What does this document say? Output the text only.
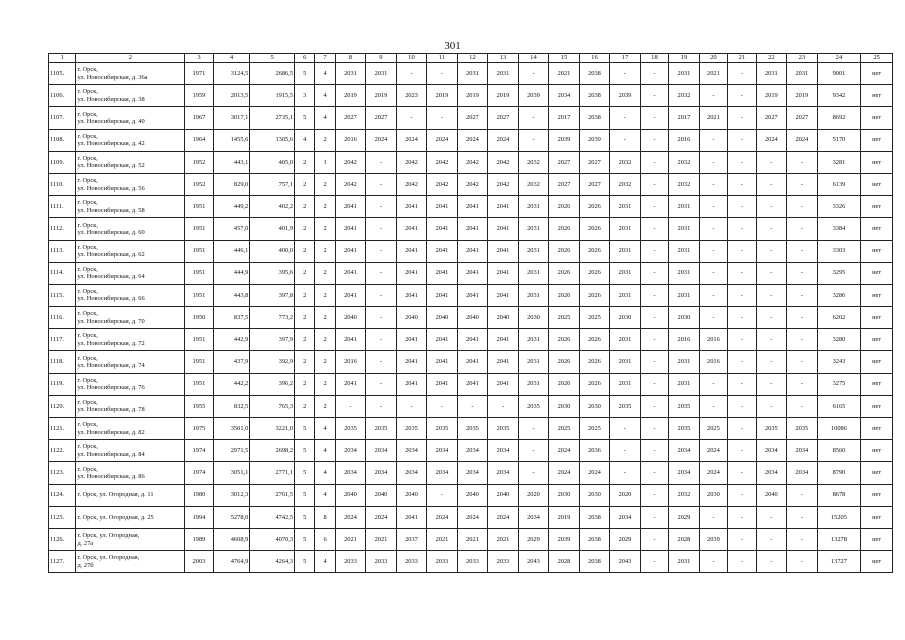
301
1	2	3	4	5	6	7	8	9	10	11	12	13	14	15	16	17	18	19	20	21	22	23	24	25
1105.	г. Орск,
ул. Новосибирская, д. 36а	1971	3124,5	2686,5	5	4	2031	2031	-	-	2031	2031	-	2021	2038	-	-	2031	2021	-	2031	2031	9001	нет
1106.	г. Орск,
ул. Новосибирская, д. 38	1959	2013,5	1915,5	3	4	2019	2019	2023	2019	2019	2019	2039	2034	2038	2039	-	2032	-	-	2019	2019	9342	нет
1107.	г. Орск,
ул. Новосибирская, д. 40	1967	3017,1	2735,1	5	4	2027	2027	-	-	2027	2027	-	2017	2038	-	-	2017	2021	-	2027	2027	8692	нет
1108.	г. Орск,
ул. Новосибирская, д. 42	1964	1455,6	1305,6	4	2	2016	2024	2024	2024	2024	2024	-	2039	2039	-	-	2016	-	-	2024	2024	5170	нет
1109.	г. Орск,
ул. Новосибирская, д. 52	1952	443,1	405,0	2	1	2042	-	2042	2042	2042	2042	2032	2027	2027	2032	-	2032	-	-	-	-	3281	нет
1110.	г. Орск,
ул. Новосибирская, д. 56	1952	829,0	757,1	2	2	2042	-	2042	2042	2042	2042	2032	2027	2027	2032	-	2032	-	-	-	-	6139	нет
1111.	г. Орск,
ул. Новосибирская, д. 58	1951	449,2	402,2	2	2	2041	-	2041	2041	2041	2041	2031	2026	2026	2031	-	2031	-	-	-	-	3326	нет
1112.	г. Орск,
ул. Новосибирская, д. 60	1951	457,0	401,9	2	2	2041	-	2041	2041	2041	2041	2031	2026	2026	2031	-	2031	-	-	-	-	3384	нет
1113.	г. Орск,
ул. Новосибирская, д. 62	1951	446,1	400,0	2	2	2041	-	2041	2041	2041	2041	2031	2026	2026	2031	-	2031	-	-	-	-	3303	нет
1114.	г. Орск,
ул. Новосибирская, д. 64	1951	444,9	395,6	2	2	2041	-	2041	2041	2041	2041	2031	2026	2026	2031	-	2031	-	-	-	-	3295	нет
1115.	г. Орск,
ул. Новосибирская, д. 66	1951	443,8	397,8	2	2	2041	-	2041	2041	2041	2041	2031	2026	2026	2031	-	2031	-	-	-	-	3286	нет
1116.	г. Орск,
ул. Новосибирская, д. 70	1950	837,5	773,2	2	2	2040	-	2040	2040	2040	2040	2030	2025	2025	2030	-	2030	-	-	-	-	6202	нет
1117.	г. Орск,
ул. Новосибирская, д. 72	1951	442,9	397,9	2	2	2041	-	2041	2041	2041	2041	2031	2026	2026	2031	-	2016	2016	-	-	-	3280	нет
1118.	г. Орск,
ул. Новосибирская, д. 74	1951	437,9	392,9	2	2	2016	-	2041	2041	2041	2041	2031	2026	2026	2031	-	2031	2016	-	-	-	3243	нет
1119.	г. Орск,
ул. Новосибирская, д. 76	1951	442,2	396,2	2	2	2041	-	2041	2041	2041	2041	2031	2026	2026	2031	-	2031	-	-	-	-	3275	нет
1120.	г. Орск,
ул. Новосибирская, д. 78	1955	832,5	765,3	2	2	-	-	-	-	-	-	2035	2030	2030	2035	-	2035	-	-	-	-	6165	нет
1121.	г. Орск,
ул. Новосибирская, д. 82	1975	3501,0	3221,0	5	4	2035	2035	2035	2035	2035	2035	-	2025	2025	-	-	2035	2025	-	2035	2035	10086	нет
1122.	г. Орск,
ул. Новосибирская, д. 84	1974	2971,5	2698,2	5	4	2034	2034	2034	2034	2034	2034	-	2024	2036	-	-	2034	2024	-	2034	2034	8560	нет
1123.	г. Орск,
ул. Новосибирская, д. 86	1974	3051,1	2771,1	5	4	2034	2034	2034	2034	2034	2034	-	2024	2024	-	-	2034	2024	-	2034	2034	8790	нет
1124.	г. Орск, ул. Огородная, д. 11	1980	3012,3	2761,5	5	4	2040	2040	2040	-	2040	2040	2020	2030	2030	2020	-	2032	2030	-	2040	-	8678	нет
1125.	г. Орск, ул. Огородная, д. 25	1994	5278,0	4742,5	5	8	2024	2024	2041	2024	2024	2024	2034	2019	2038	2034	-	2029	-	-	-	-	15205	нет
1126.	г. Орск, ул. Огородная,
д. 27а	1989	4608,9	4070,3	5	6	2021	2021	2037	2021	2021	2021	2029	2039	2038	2029	-	2028	2039	-	-	-	13278	нет
1127.	г. Орск, ул. Огородная,
д. 27б	2003	4764,9	4264,3	5	4	2033	2033	2033	2033	2033	2033	2043	2028	2038	2043	-	2031	-	-	-	-	13727	нет
